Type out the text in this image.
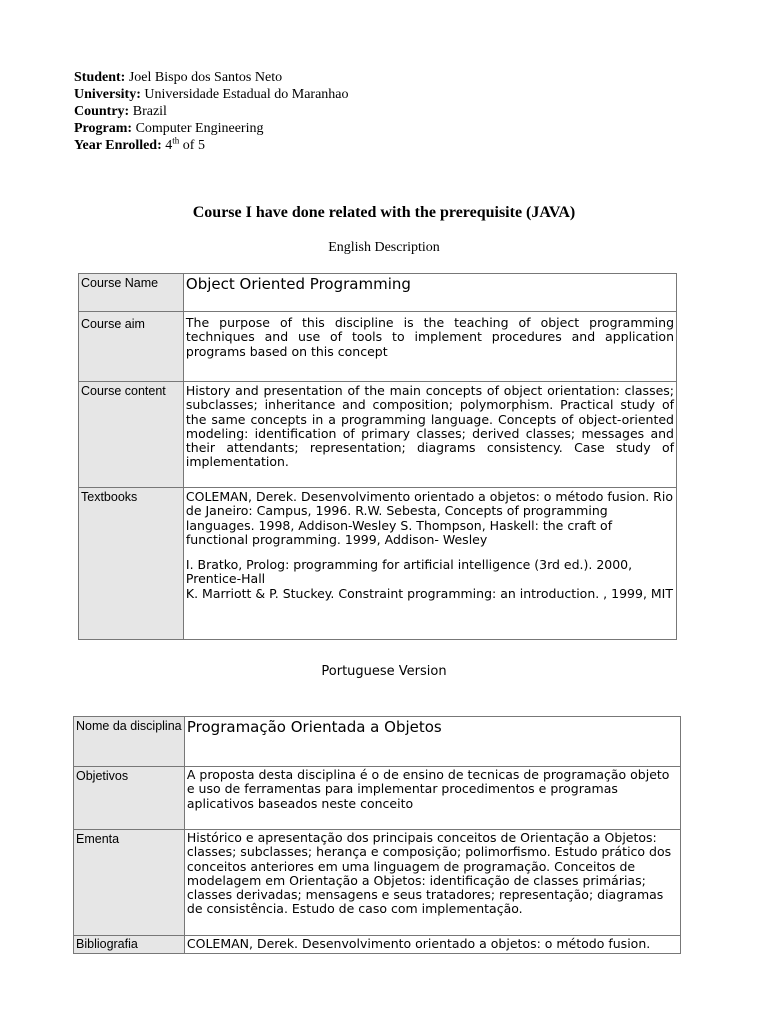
Student: Joel Bispo dos Santos Neto
University: Universidade Estadual do Maranhao
Country: Brazil
Program: Computer Engineering
Year Enrolled: 4th of 5
Course I have done related with the prerequisite (JAVA)
English Description
Course Name	Object Oriented Programming
Course aim	The purpose of this discipline is the teaching of object programming techniques and use of tools to implement procedures and application programs based on this concept
Course content	History and presentation of the main concepts of object orientation: classes; subclasses; inheritance and composition; polymorphism. Practical study of the same concepts in a programming language. Concepts of object-oriented modeling: identification of primary classes; derived classes; messages and their attendants; representation; diagrams consistency. Case study of implementation.
Textbooks	COLEMAN, Derek. Desenvolvimento orientado a objetos: o método fusion. Rio de Janeiro: Campus, 1996. R.W. Sebesta, Concepts of programming languages. 1998, Addison-Wesley S. Thompson, Haskell: the craft of functional programming. 1999, Addison- Wesley
I. Bratko, Prolog: programming for artificial intelligence (3rd ed.). 2000, Prentice-Hall
K. Marriott & P. Stuckey. Constraint programming: an introduction. , 1999, MIT
Portuguese Version
Nome da disciplina	Programação Orientada a Objetos
Objetivos	A proposta desta disciplina é o de ensino de tecnicas de programação objeto e uso de ferramentas para implementar procedimentos e programas aplicativos baseados neste conceito
Ementa	Histórico e apresentação dos principais conceitos de Orientação a Objetos: classes; subclasses; herança e composição; polimorfismo. Estudo prático dos conceitos anteriores em uma linguagem de programação. Conceitos de modelagem em Orientação a Objetos: identificação de classes primárias; classes derivadas; mensagens e seus tratadores; representação; diagramas de consistência. Estudo de caso com implementação.
Bibliografia	COLEMAN, Derek. Desenvolvimento orientado a objetos: o método fusion.
